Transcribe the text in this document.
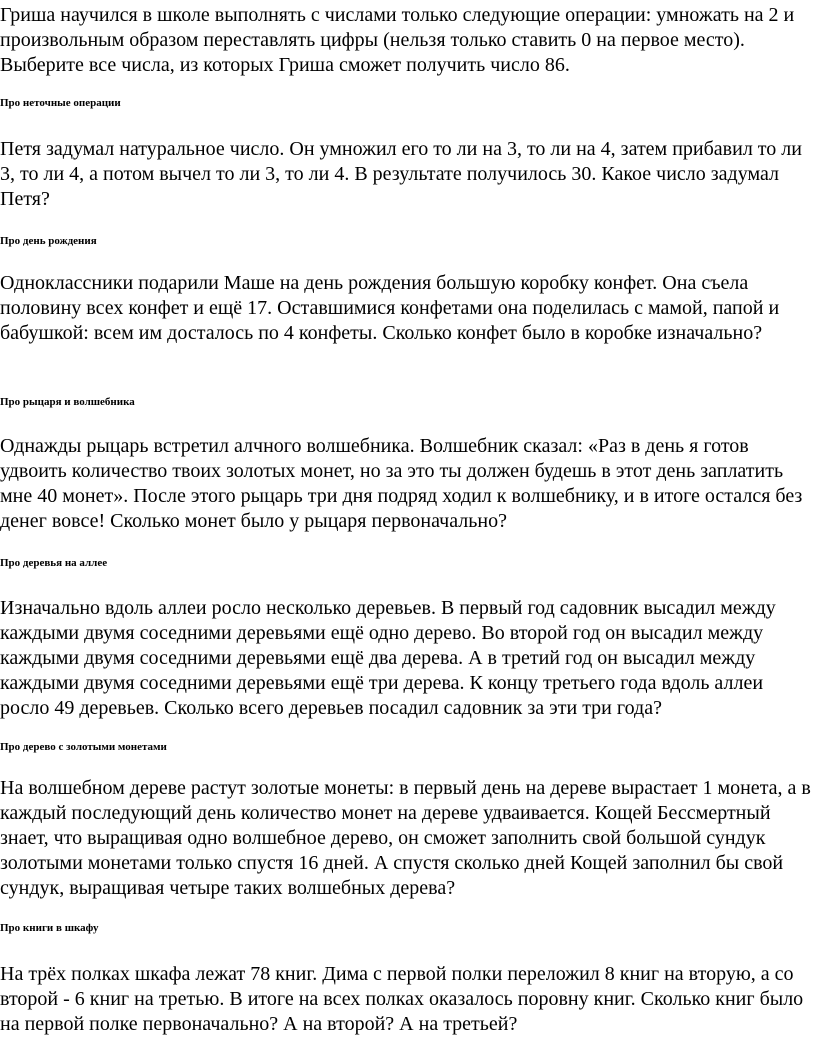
Гриша научился в школе выполнять с числами только следующие операции: умножать на 2 и произвольным образом переставлять цифры (нельзя только ставить 0 на первое место). Выберите все числа, из которых Гриша сможет получить число 86.

Про неточные операции

Петя задумал натуральное число. Он умножил его то ли на 3, то ли на 4, затем прибавил то ли 3, то ли 4, а потом вычел то ли 3, то ли 4. В результате получилось 30. Какое число задумал Петя?

Про день рождения

Одноклассники подарили Маше на день рождения большую коробку конфет. Она съела половину всех конфет и ещё 17. Оставшимися конфетами она поделилась с мамой, папой и бабушкой: всем им досталось по 4 конфеты. Сколько конфет было в коробке изначально?

Про рыцаря и волшебника

Однажды рыцарь встретил алчного волшебника. Волшебник сказал: «Раз в день я готов удвоить количество твоих золотых монет, но за это ты должен будешь в этот день заплатить мне 40 монет». После этого рыцарь три дня подряд ходил к волшебнику, и в итоге остался без денег вовсе! Сколько монет было у рыцаря первоначально?

Про деревья на аллее

Изначально вдоль аллеи росло несколько деревьев. В первый год садовник высадил между каждыми двумя соседними деревьями ещё одно дерево. Во второй год он высадил между каждыми двумя соседними деревьями ещё два дерева. А в третий год он высадил между каждыми двумя соседними деревьями ещё три дерева. К концу третьего года вдоль аллеи росло 49 деревьев. Сколько всего деревьев посадил садовник за эти три года?

Про дерево с золотыми монетами

На волшебном дереве растут золотые монеты: в первый день на дереве вырастает 1 монета, а в каждый последующий день количество монет на дереве удваивается. Кощей Бессмертный знает, что выращивая одно волшебное дерево, он сможет заполнить свой большой сундук золотыми монетами только спустя 16 дней. А спустя сколько дней Кощей заполнил бы свой сундук, выращивая четыре таких волшебных дерева?

Про книги в шкафу

На трёх полках шкафа лежат 78 книг. Дима с первой полки переложил 8 книг на вторую, а со второй - 6 книг на третью. В итоге на всех полках оказалось поровну книг. Сколько книг было на первой полке первоначально? А на второй? А на третьей?
